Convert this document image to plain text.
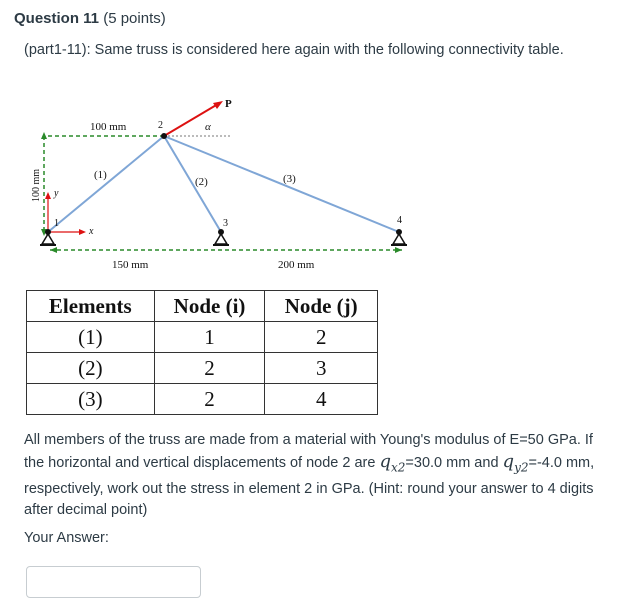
Question 11 (5 points)
(part1-11): Same truss is considered here again with the following connectivity table.
100 mm
100 mm
150 mm	200 mm
1
2
3	4
(1)
(2)	(3)
P
α
x
y
Elements	Node (i)	Node (j)
(1)	1	2
(2)	2	3
(3)	2	4
All members of the truss are made from a material with Young's modulus of E=50 GPa. If the horizontal and vertical displacements of node 2 are $q_{x2}=30.0$ mm and $q_{y2}=-4.0$ mm, respectively, work out the stress in element 2 in GPa. (Hint: round your answer to 4 digits after decimal point)
Your Answer:
